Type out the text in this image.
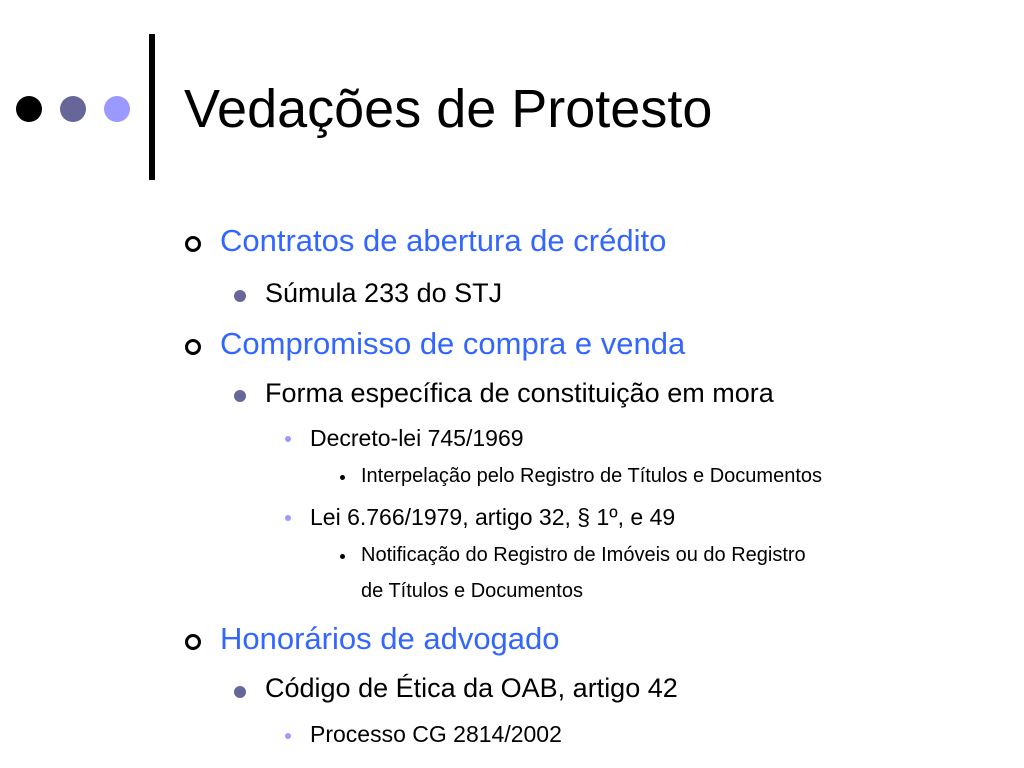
Vedações de Protesto
Contratos de abertura de crédito
Súmula 233 do STJ
Compromisso de compra e venda
Forma específica de constituição em mora
Decreto-lei 745/1969
Interpelação pelo Registro de Títulos e Documentos
Lei 6.766/1979, artigo 32, § 1º, e 49
Notificação do Registro de Imóveis ou do Registro
de Títulos e Documentos
Honorários de advogado
Código de Ética da OAB, artigo 42
Processo CG 2814/2002
